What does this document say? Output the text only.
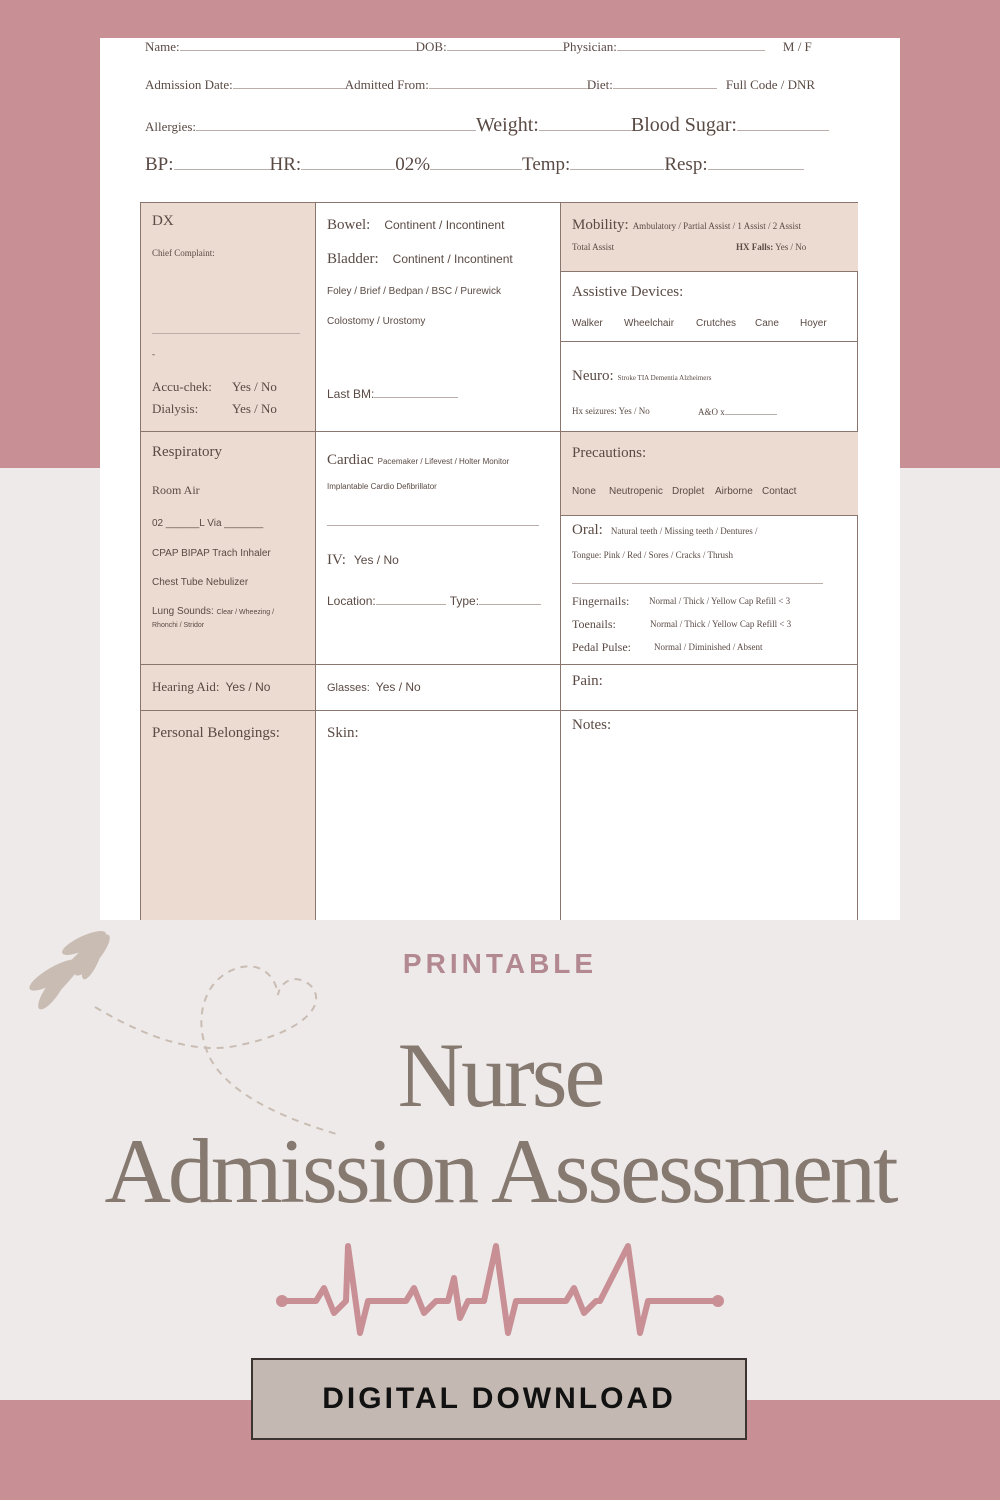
Name:	DOB:	Physician:	M / F
Admission Date:	Admitted From:	Diet:	Full Code / DNR
Allergies:	Weight:	Blood Sugar:
BP:	HR:	02%	Temp:	Resp:
DX
Chief Complaint:
-
Accu-chek: Yes / No
Dialysis:	Yes / No
Bowel: Continent / Incontinent
Bladder: Continent / Incontinent
Foley / Brief / Bedpan / BSC / Purewick
Colostomy / Urostomy
Last BM:
Mobility: Ambulatory / Partial Assist / 1 Assist / 2 Assist
Total Assist	HX Falls: Yes / No
Assistive Devices:
Walker Wheelchair Crutches Cane Hoyer
Neuro: Stroke TIA Dementia Alzheimers
Hx seizures: Yes / No	A&O x
Respiratory
Room Air
02 ______L Via _______
CPAP BIPAP Trach Inhaler
Chest Tube Nebulizer
Lung Sounds: Clear / Wheezing /
Rhonchi / Stridor
Cardiac Pacemaker / Lifevest / Holter Monitor
Implantable Cardio Defibrillator
IV: Yes / No
Location:	Type:
Precautions:
None Neutropenic Droplet Airborne Contact
Oral: Natural teeth / Missing teeth / Dentures /
Tongue: Pink / Red / Sores / Cracks / Thrush
Fingernails: Normal / Thick / Yellow Cap Refill < 3
Toenails:	Normal / Thick / Yellow Cap Refill < 3
Pedal Pulse:	Normal / Diminished / Absent
Hearing Aid: Yes / No	Glasses: Yes / No	Pain:
Personal Belongings:	Skin:	Notes:
PRINTABLE
Nurse
Admission Assessment
DIGITAL DOWNLOAD
